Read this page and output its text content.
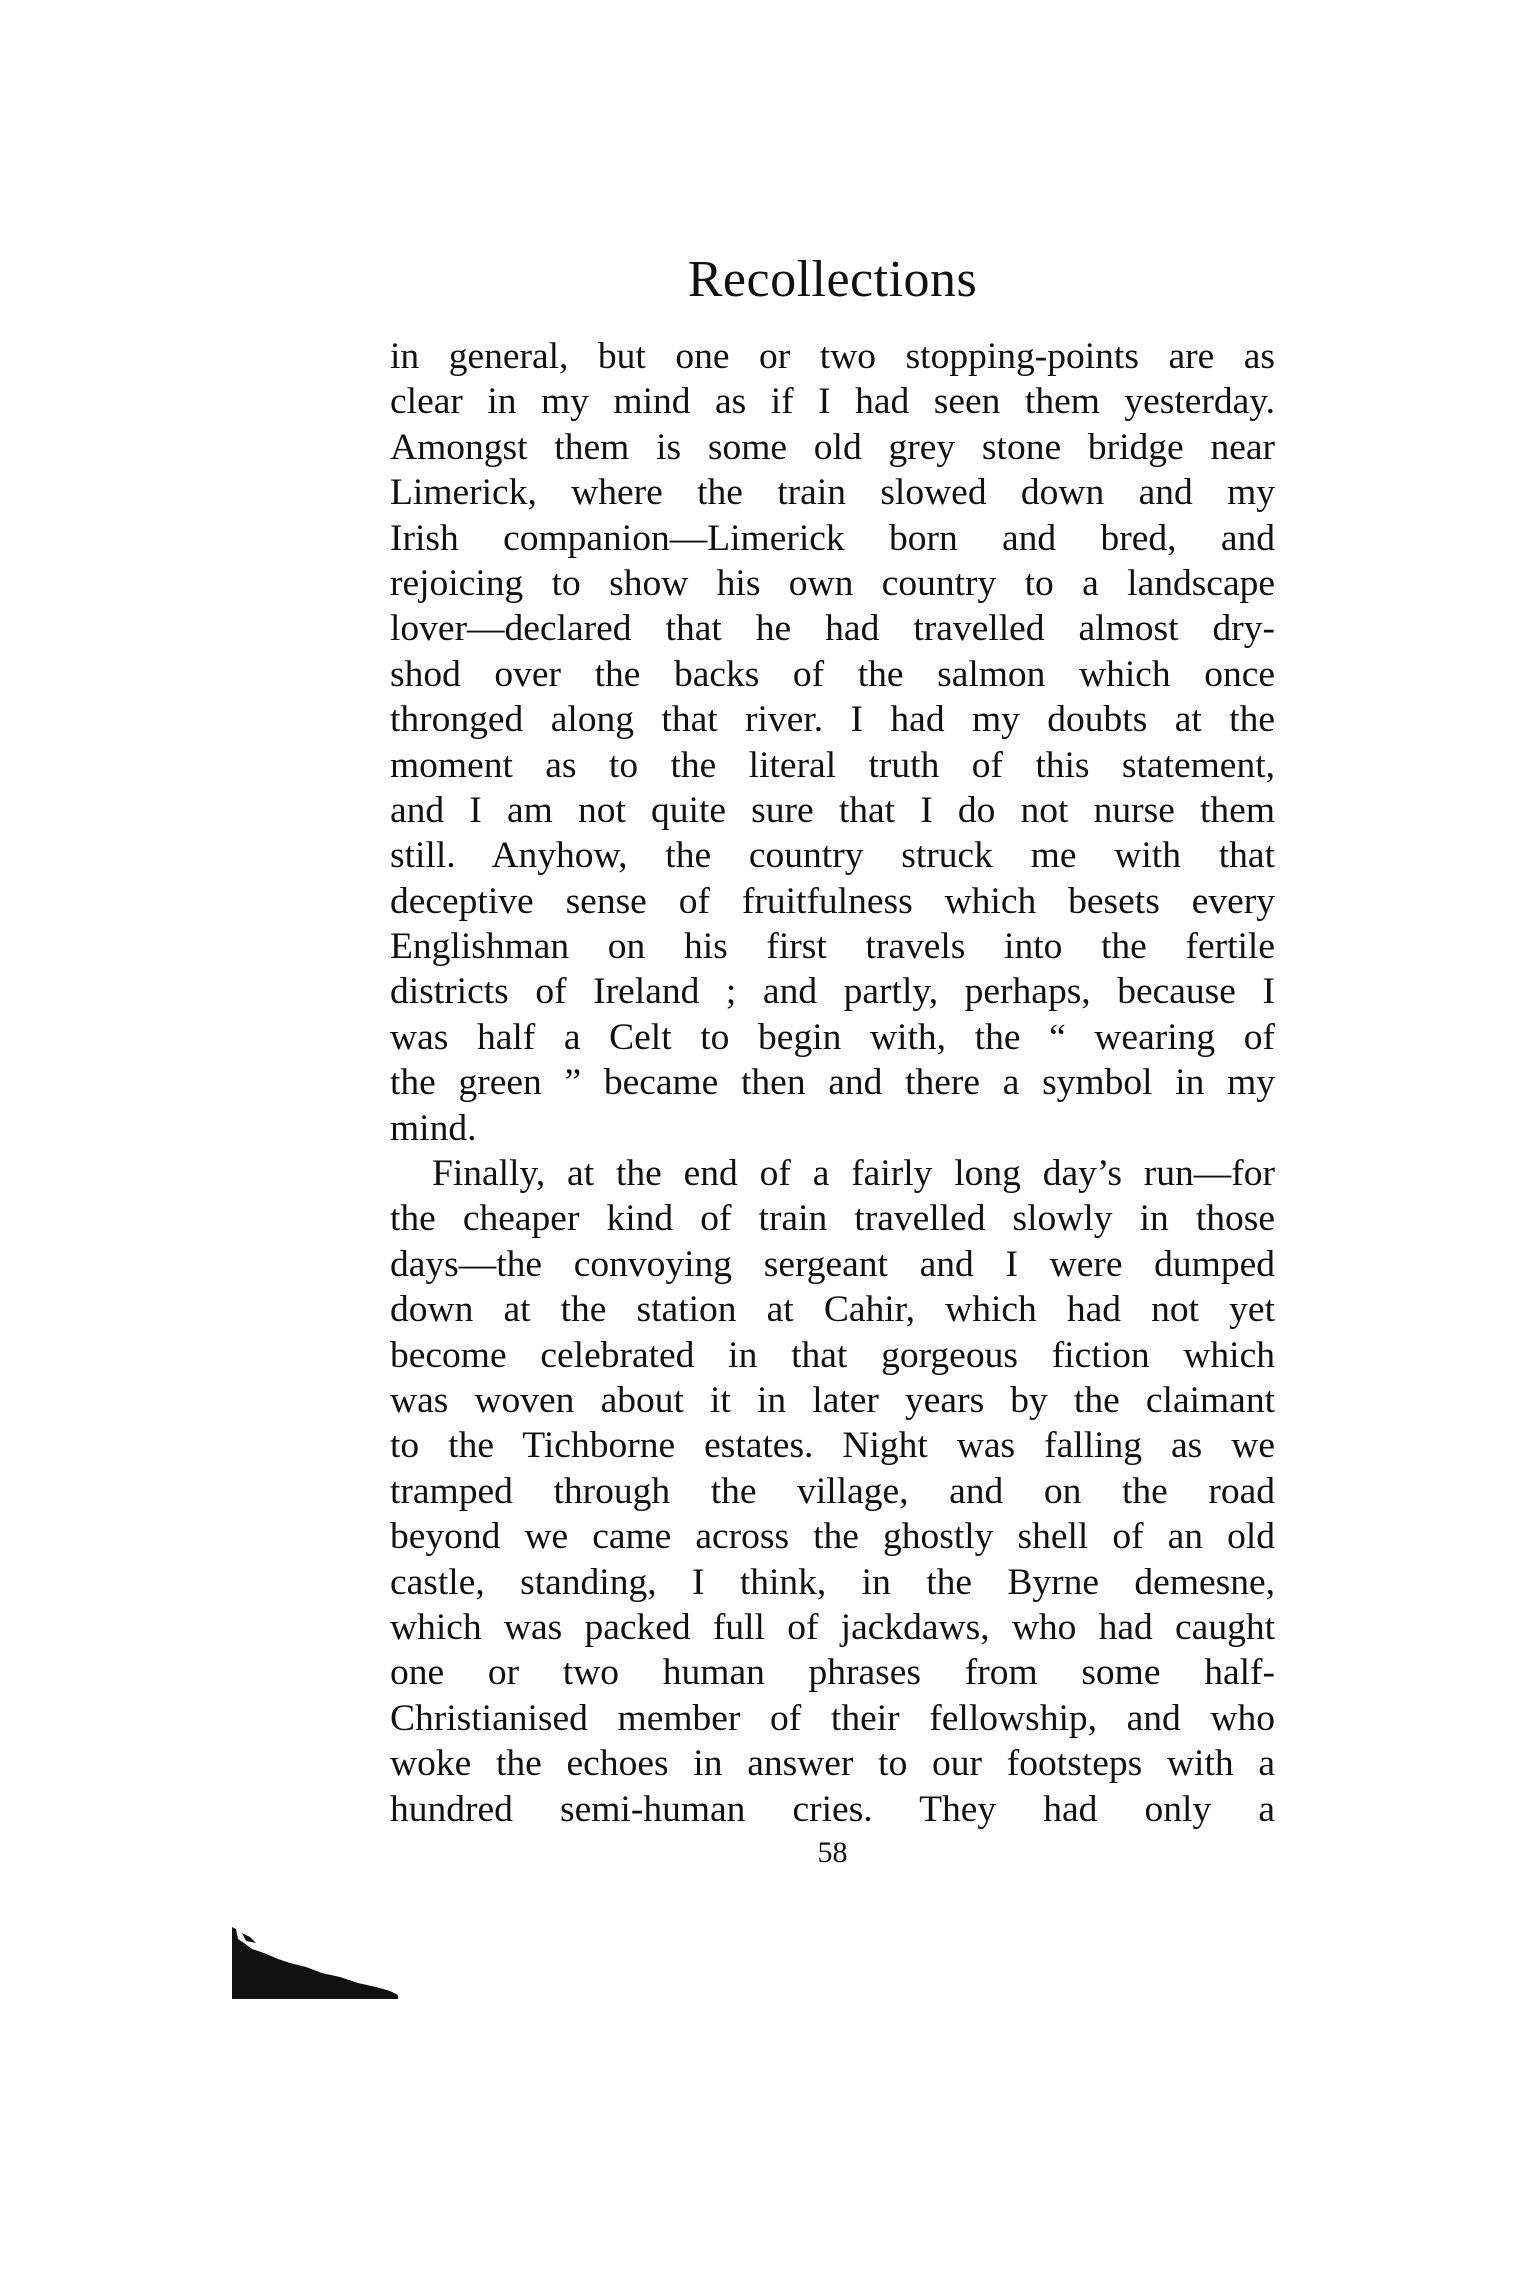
Recollections
in general, but one or two stopping-points are as
clear in my mind as if I had seen them yesterday.
Amongst them is some old grey stone bridge near
Limerick, where the train slowed down and my
Irish companion—Limerick born and bred, and
rejoicing to show his own country to a landscape
lover—declared that he had travelled almost dry-
shod over the backs of the salmon which once
thronged along that river. I had my doubts at the
moment as to the literal truth of this statement,
and I am not quite sure that I do not nurse them
still. Anyhow, the country struck me with that
deceptive sense of fruitfulness which besets every
Englishman on his first travels into the fertile
districts of Ireland ; and partly, perhaps, because I
was half a Celt to begin with, the “ wearing of
the green ” became then and there a symbol in my
mind.
Finally, at the end of a fairly long day’s run—for
the cheaper kind of train travelled slowly in those
days—the convoying sergeant and I were dumped
down at the station at Cahir, which had not yet
become celebrated in that gorgeous fiction which
was woven about it in later years by the claimant
to the Tichborne estates. Night was falling as we
tramped through the village, and on the road
beyond we came across the ghostly shell of an old
castle, standing, I think, in the Byrne demesne,
which was packed full of jackdaws, who had caught
one or two human phrases from some half-
Christianised member of their fellowship, and who
woke the echoes in answer to our footsteps with a
hundred semi-human cries. They had only a
58
